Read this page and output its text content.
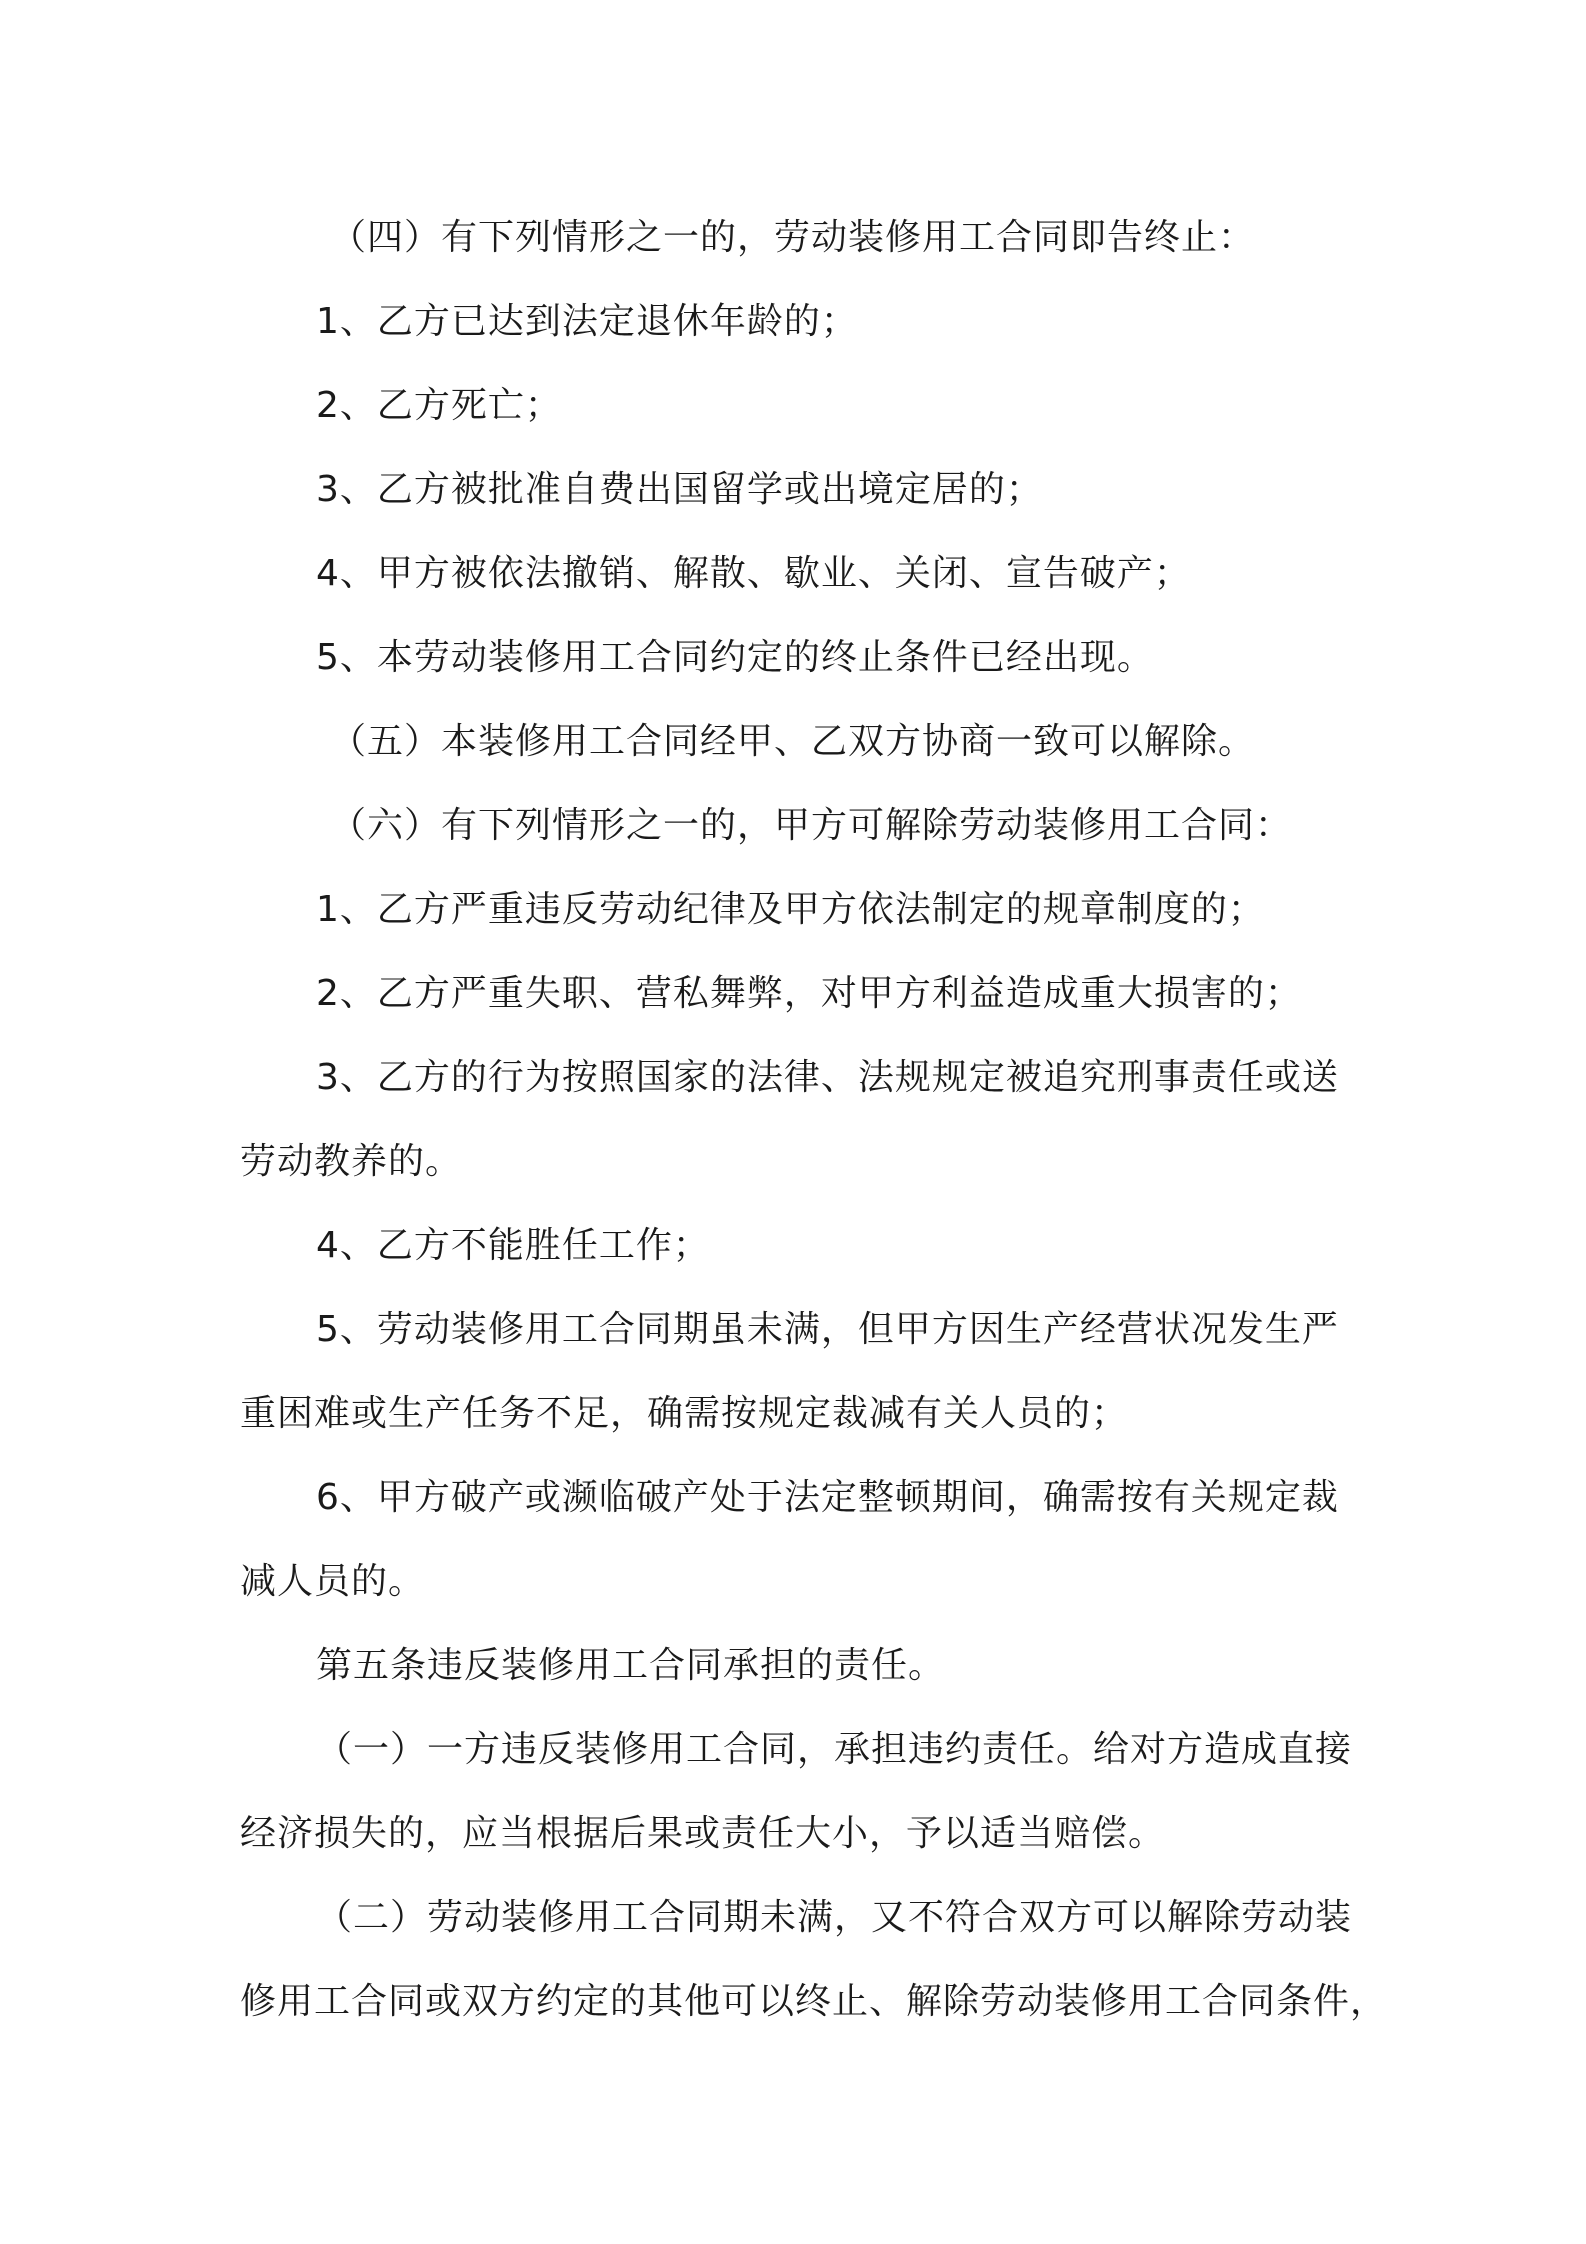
（四）有下列情形之一的，劳动装修用工合同即告终止：

1、乙方已达到法定退休年龄的；

2、乙方死亡；

3、乙方被批准自费出国留学或出境定居的；

4、甲方被依法撤销、解散、歇业、关闭、宣告破产；

5、本劳动装修用工合同约定的终止条件已经出现。

（五）本装修用工合同经甲、乙双方协商一致可以解除。

（六）有下列情形之一的，甲方可解除劳动装修用工合同：

1、乙方严重违反劳动纪律及甲方依法制定的规章制度的；

2、乙方严重失职、营私舞弊，对甲方利益造成重大损害的；

3、乙方的行为按照国家的法律、法规规定被追究刑事责任或送

劳动教养的。

4、乙方不能胜任工作；

5、劳动装修用工合同期虽未满，但甲方因生产经营状况发生严

重困难或生产任务不足，确需按规定裁减有关人员的；

6、甲方破产或濒临破产处于法定整顿期间，确需按有关规定裁

减人员的。

第五条违反装修用工合同承担的责任。

（一）一方违反装修用工合同，承担违约责任。给对方造成直接

经济损失的，应当根据后果或责任大小，予以适当赔偿。

（二）劳动装修用工合同期未满，又不符合双方可以解除劳动装

修用工合同或双方约定的其他可以终止、解除劳动装修用工合同条件，
